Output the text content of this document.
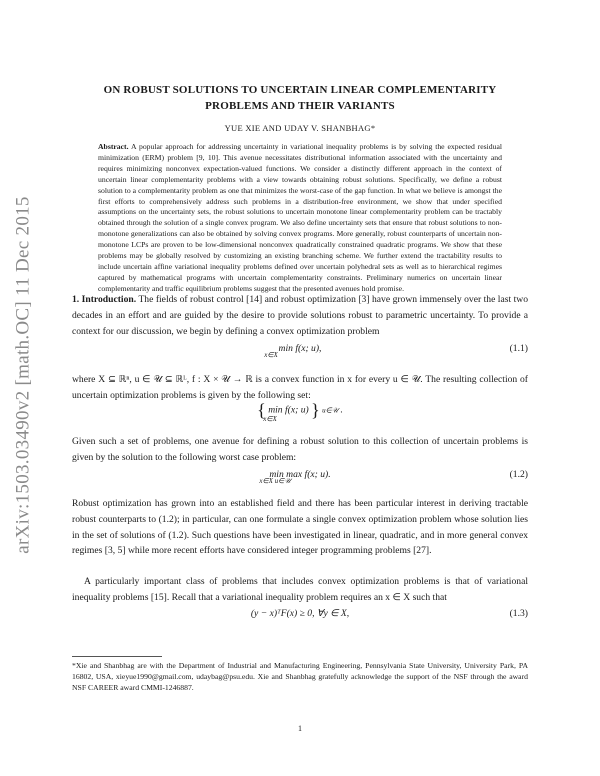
arXiv:1503.03490v2 [math.OC] 11 Dec 2015
ON ROBUST SOLUTIONS TO UNCERTAIN LINEAR COMPLEMENTARITY
PROBLEMS AND THEIR VARIANTS
YUE XIE AND UDAY V. SHANBHAG*
Abstract. A popular approach for addressing uncertainty in variational inequality problems is by solving the expected residual minimization (ERM) problem [9, 10]. This avenue necessitates distributional information associated with the uncertainty and requires minimizing nonconvex expectation-valued functions. We consider a distinctly different approach in the context of uncertain linear complementarity problems with a view towards obtaining robust solutions. Specifically, we define a robust solution to a complementarity problem as one that minimizes the worst-case of the gap function. In what we believe is amongst the first efforts to comprehensively address such problems in a distribution-free environment, we show that under specified assumptions on the uncertainty sets, the robust solutions to uncertain monotone linear complementarity problem can be tractably obtained through the solution of a single convex program. We also define uncertainty sets that ensure that robust solutions to non-monotone generalizations can also be obtained by solving convex programs. More generally, robust counterparts of uncertain non-monotone LCPs are proven to be low-dimensional nonconvex quadratically constrained quadratic programs. We show that these problems may be globally resolved by customizing an existing branching scheme. We further extend the tractability results to include uncertain affine variational inequality problems defined over uncertain polyhedral sets as well as to hierarchical regimes captured by mathematical programs with uncertain complementarity constraints. Preliminary numerics on uncertain linear complementarity and traffic equilibrium problems suggest that the presented avenues hold promise.
1. Introduction. The fields of robust control [14] and robust optimization [3] have grown immensely over the last two decades in an effort and are guided by the desire to provide solutions robust to parametric uncertainty. To provide a context for our discussion, we begin by defining a convex optimization problem
min f(x; u),
x∈X
(1.1)
where X ⊆ ℝⁿ, u ∈ 𝒰 ⊆ ℝᴸ, f : X × 𝒰 → ℝ is a convex function in x for every u ∈ 𝒰. The resulting collection of uncertain optimization problems is given by the following set:
{ min f(x; u) } u∈𝒰 .
x∈X
Given such a set of problems, one avenue for defining a robust solution to this collection of uncertain problems is given by the solution to the following worst case problem:
min max f(x; u).
x∈X u∈𝒰
(1.2)
Robust optimization has grown into an established field and there has been particular interest in deriving tractable robust counterparts to (1.2); in particular, can one formulate a single convex optimization problem whose solution lies in the set of solutions of (1.2). Such questions have been investigated in linear, quadratic, and in more general convex regimes [3, 5] while more recent efforts have considered integer programming problems [27].
A particularly important class of problems that includes convex optimization problems is that of variational inequality problems [15]. Recall that a variational inequality problem requires an x ∈ X such that
(y − x)ᵀF(x) ≥ 0, ∀y ∈ X,	(1.3)
*Xie and Shanbhag are with the Department of Industrial and Manufacturing Engineering, Pennsylvania State University, University Park, PA 16802, USA, xieyue1990@gmail.com, udaybag@psu.edu. Xie and Shanbhag gratefully acknowledge the support of the NSF through the award NSF CAREER award CMMI-1246887.
1
